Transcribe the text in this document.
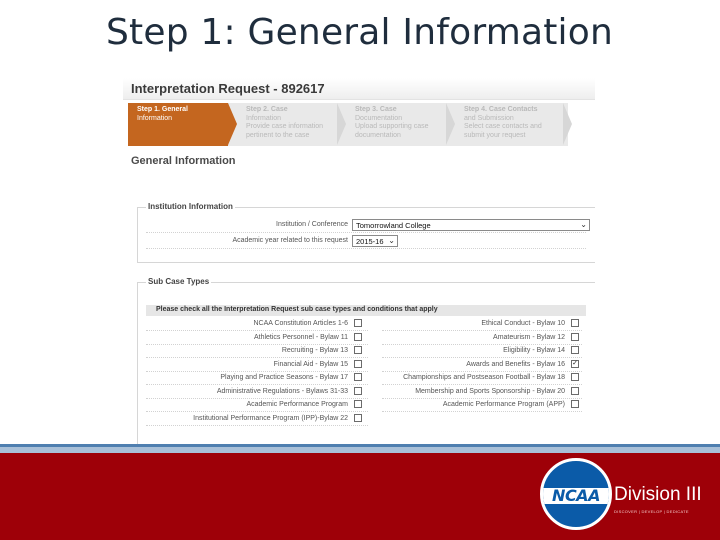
Step 1: General Information
Interpretation Request - 892617
Step 1. General
Information
Step 2. Case
Information
Provide case information
pertinent to the case
Step 3. Case
Documentation
Upload supporting case
documentation
Step 4. Case Contacts
and Submission
Select case contacts and
submit your request
General Information
Institution Information
Institution / Conference	Tomorrowland College	⌄
Academic year related to this request	2015-16 ⌄
Sub Case Types
Please check all the Interpretation Request sub case types and conditions that apply
NCAA Constitution Articles 1-6
Athletics Personnel - Bylaw 11
Recruiting - Bylaw 13
Financial Aid - Bylaw 15
Playing and Practice Seasons - Bylaw 17
Administrative Regulations - Bylaws 31-33
Academic Performance Program
Institutional Performance Program (IPP)-Bylaw 22
Ethical Conduct - Bylaw 10
Amateurism - Bylaw 12
Eligibility - Bylaw 14
Awards and Benefits - Bylaw 16 ✓
Championships and Postseason Football - Bylaw 18
Membership and Sports Sponsorship - Bylaw 20
Academic Performance Program (APP)
NCAA Division III
DISCOVER | DEVELOP | DEDICATE
